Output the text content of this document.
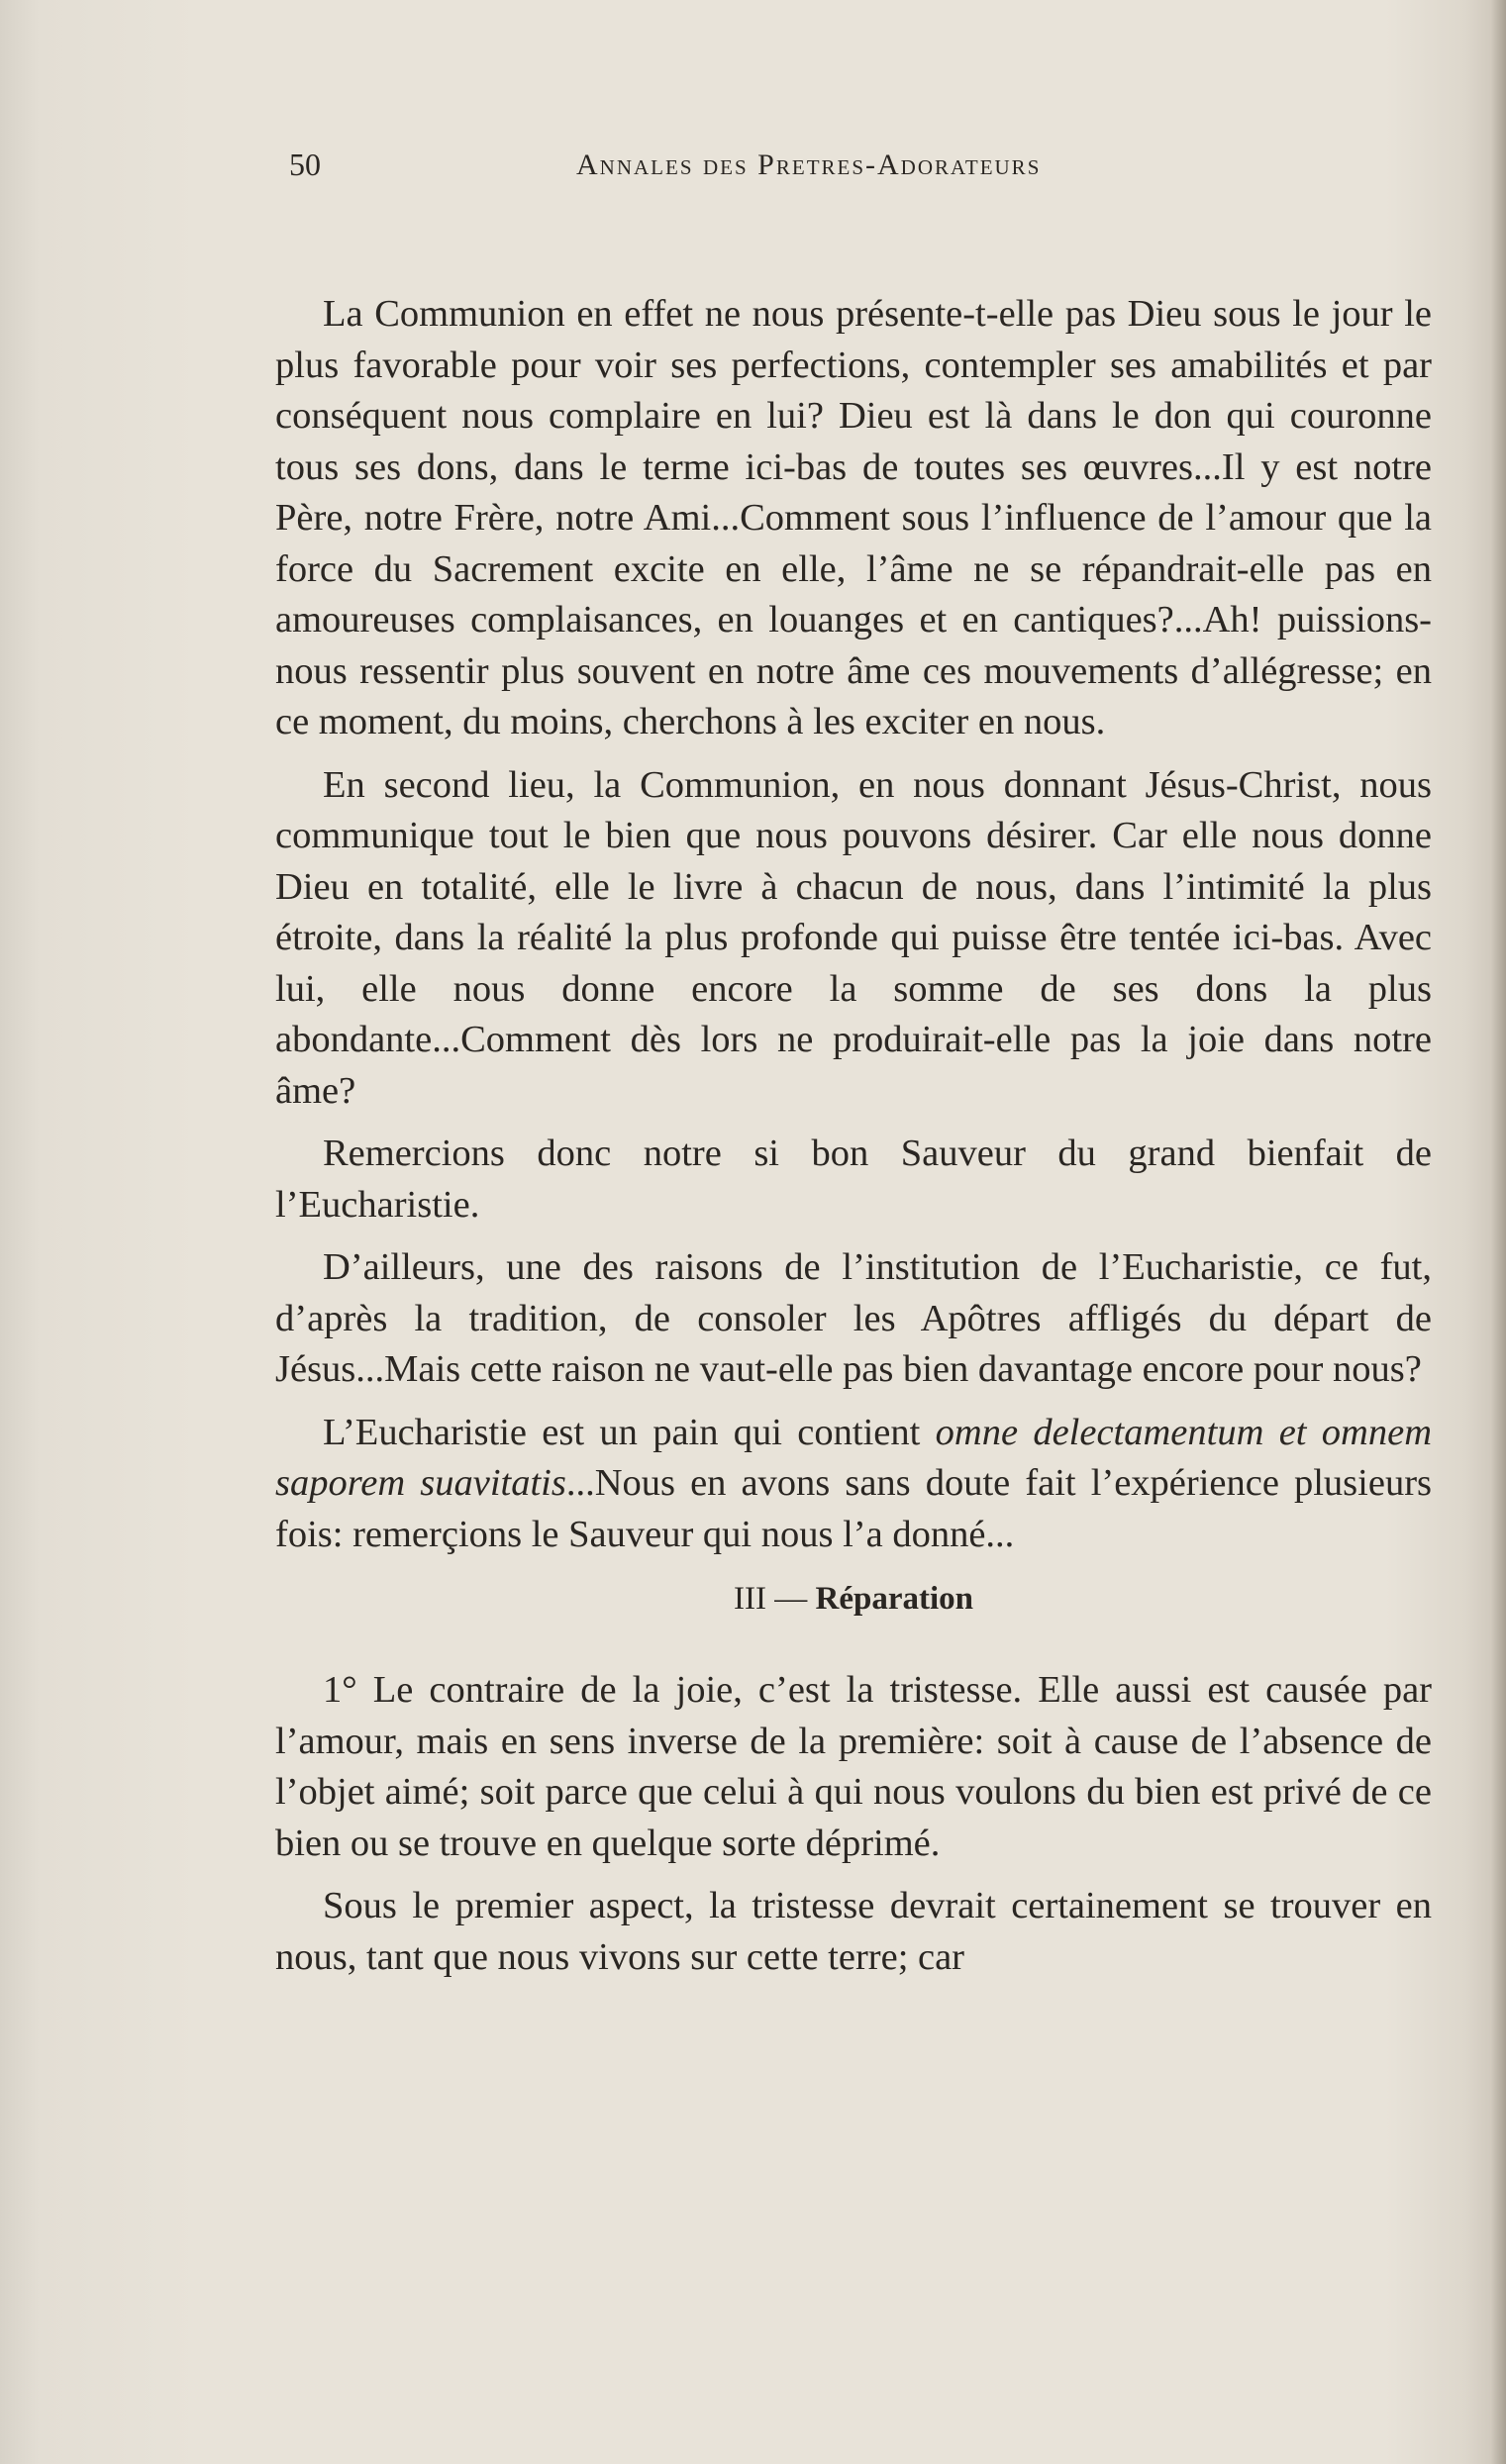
50	Annales des Pretres-Adorateurs

La Communion en effet ne nous présente-t-elle pas Dieu sous le jour le plus favorable pour voir ses perfections, contempler ses amabilités et par conséquent nous complaire en lui? Dieu est là dans le don qui couronne tous ses dons, dans le terme ici-bas de toutes ses œuvres...Il y est notre Père, notre Frère, notre Ami...Comment sous l’influence de l’amour que la force du Sacrement excite en elle, l’âme ne se répandrait-elle pas en amoureuses complaisances, en louanges et en cantiques?...Ah! puissions-nous ressentir plus souvent en notre âme ces mouvements d’allégresse; en ce moment, du moins, cherchons à les exciter en nous.

En second lieu, la Communion, en nous donnant Jésus-Christ, nous communique tout le bien que nous pouvons désirer. Car elle nous donne Dieu en totalité, elle le livre à chacun de nous, dans l’intimité la plus étroite, dans la réalité la plus profonde qui puisse être tentée ici-bas. Avec lui, elle nous donne encore la somme de ses dons la plus abondante...Comment dès lors ne produirait-elle pas la joie dans notre âme?

Remercions donc notre si bon Sauveur du grand bienfait de l’Eucharistie.

D’ailleurs, une des raisons de l’institution de l’Eucharistie, ce fut, d’après la tradition, de consoler les Apôtres affligés du départ de Jésus...Mais cette raison ne vaut-elle pas bien davantage encore pour nous?

L’Eucharistie est un pain qui contient omne delectamentum et omnem saporem suavitatis...Nous en avons sans doute fait l’expérience plusieurs fois: remerçions le Sauveur qui nous l’a donné...

III — Réparation

1° Le contraire de la joie, c’est la tristesse. Elle aussi est causée par l’amour, mais en sens inverse de la première: soit à cause de l’absence de l’objet aimé; soit parce que celui à qui nous voulons du bien est privé de ce bien ou se trouve en quelque sorte déprimé.

Sous le premier aspect, la tristesse devrait certainement se trouver en nous, tant que nous vivons sur cette terre; car
